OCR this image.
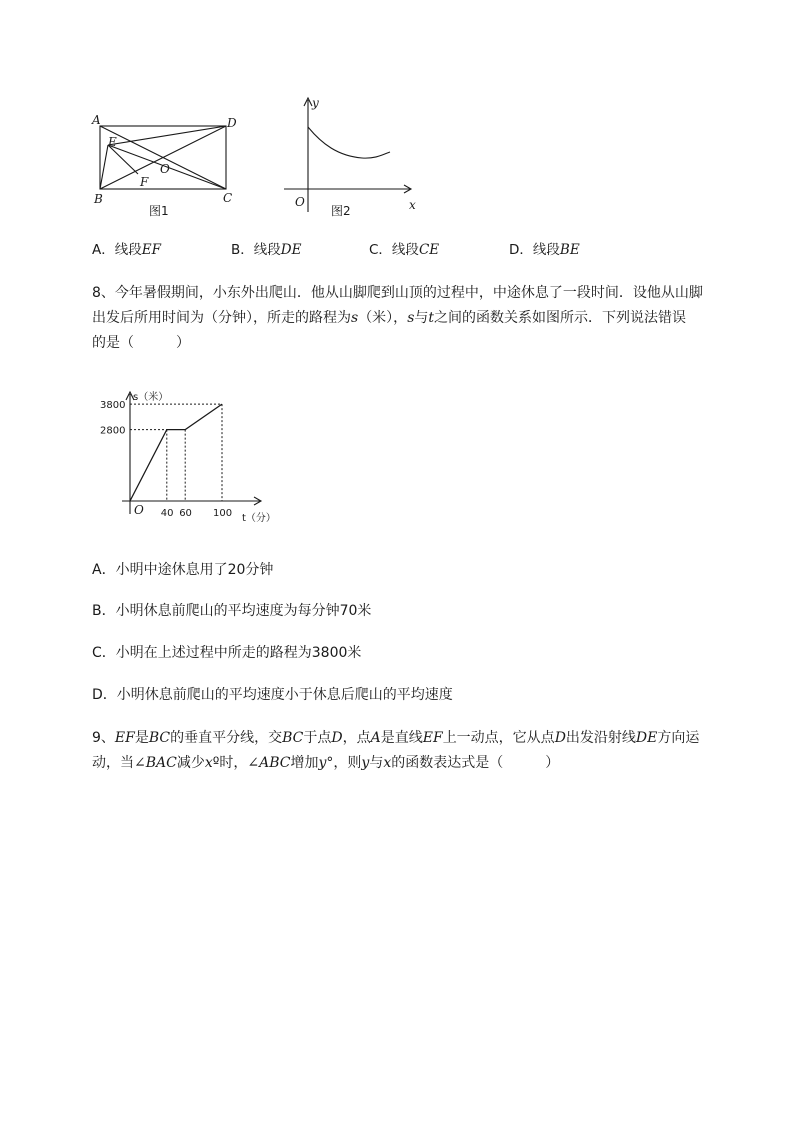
A	D
B	C
E
F
O
图1
y
x
O
图2
A．线段EF	B．线段DE	C．线段CE	D．线段BE
8、今年暑假期间，小东外出爬山．他从山脚爬到山顶的过程中，中途休息了一段时间．设他从山脚
出发后所用时间为（分钟），所走的路程为s（米），s与t之间的函数关系如图所示．下列说法错误
的是（　　　）
40 60 100
2800
3800
s（米）
t（分）
O
A．小明中途休息用了20分钟
B．小明休息前爬山的平均速度为每分钟70米
C．小明在上述过程中所走的路程为3800米
D．小明休息前爬山的平均速度小于休息后爬山的平均速度
9、EF是BC的垂直平分线，交BC于点D，点A是直线EF上一动点，它从点D出发沿射线DE方向运
动，当∠BAC减少xº时，∠ABC增加y°，则y与x的函数表达式是（　　　）
